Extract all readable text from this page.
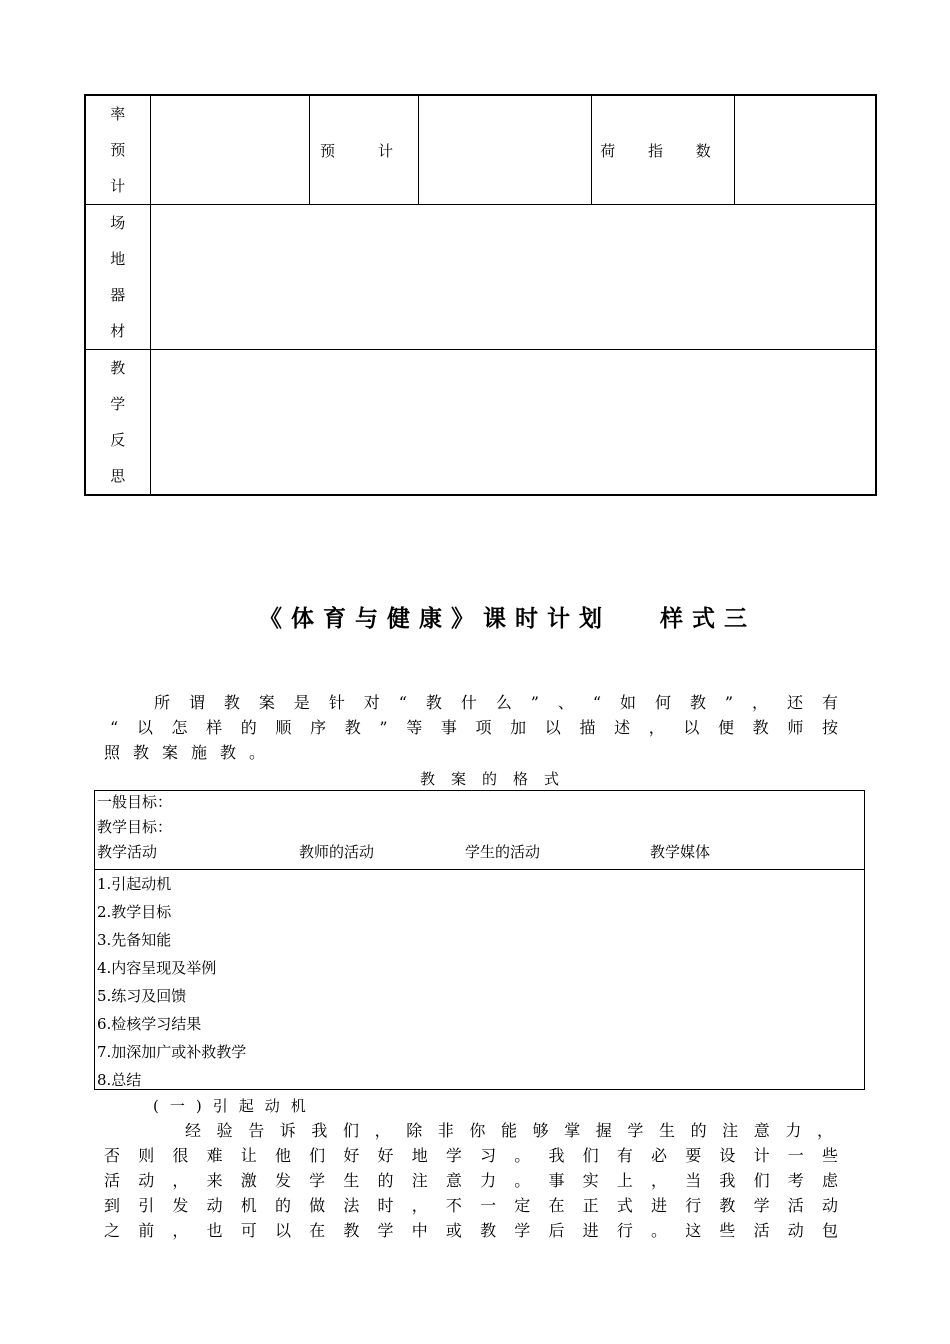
率
预
计		预　计		荷 指 数	

场
地
器
材					

教
学
反
思					

《体育与健康》课时计划　 样式三
所谓教案是针对“教什么”、“如何教”，还有
“以怎样的顺序教”等事项加以描述，以便教师按
照教案施教。
教案的格式
一般目标：
教学目标：
教学活动	教师的活动	学生的活动	教学媒体
1.引起动机
2.教学目标
3.先备知能
4.内容呈现及举例
5.练习及回馈
6.检核学习结果
7.加深加广或补救教学
8.总结
(一)引起动机
经验告诉我们，除非你能够掌握学生的注意力，
否则很难让他们好好地学习。我们有必要设计一些
活动，来激发学生的注意力。事实上，当我们考虑
到引发动机的做法时，不一定在正式进行教学活动
之前，也可以在教学中或教学后进行。这些活动包
